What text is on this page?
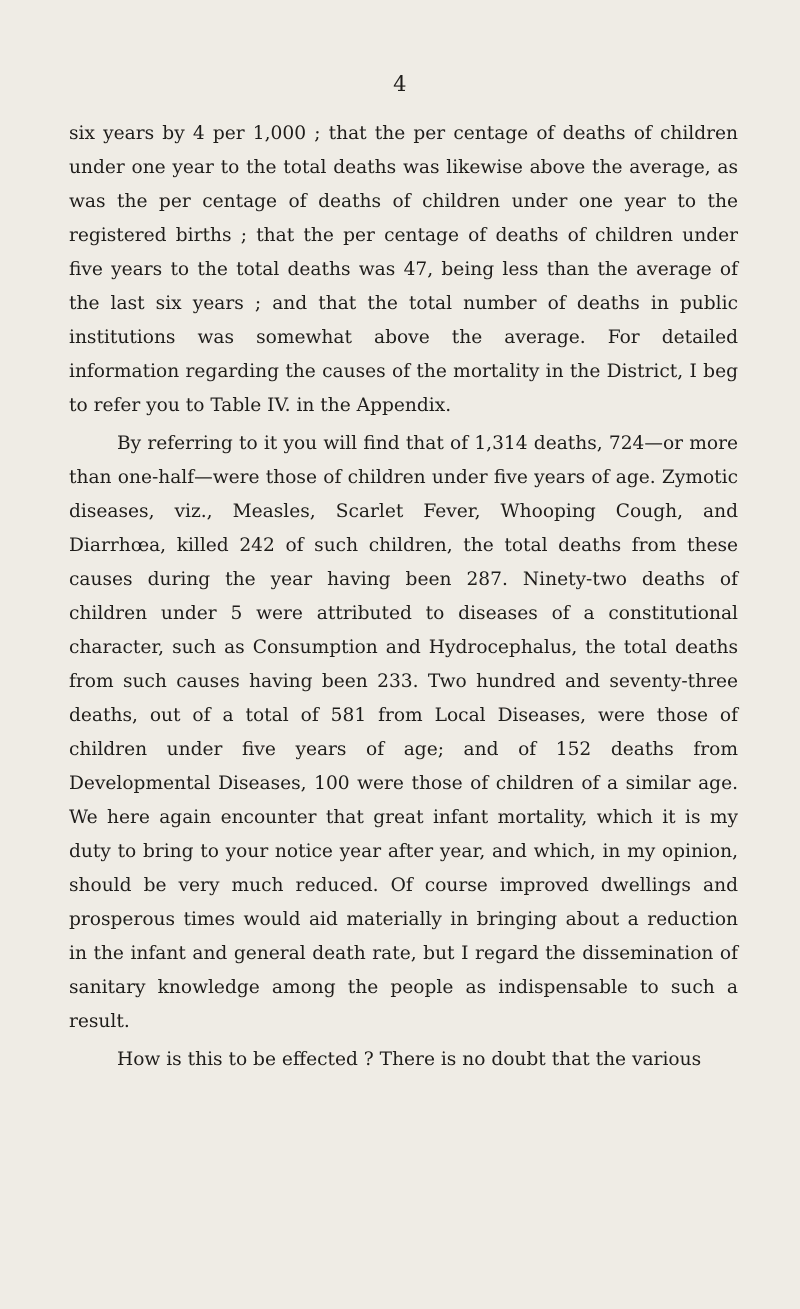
4

six years by 4 per 1,000 ; that the per centage of deaths of children under one year to the total deaths was likewise above the average, as was the per centage of deaths of children under one year to the registered births ; that the per centage of deaths of children under five years to the total deaths was 47, being less than the average of the last six years ; and that the total number of deaths in public institutions was somewhat above the average. For detailed information regarding the causes of the mortality in the District, I beg to refer you to Table IV. in the Appendix.

By referring to it you will find that of 1,314 deaths, 724—or more than one-half—were those of children under five years of age. Zymotic diseases, viz., Measles, Scarlet Fever, Whooping Cough, and Diarrhœa, killed 242 of such children, the total deaths from these causes during the year having been 287. Ninety-two deaths of children under 5 were attributed to diseases of a constitutional character, such as Consumption and Hydrocephalus, the total deaths from such causes having been 233. Two hundred and seventy-three deaths, out of a total of 581 from Local Diseases, were those of children under five years of age; and of 152 deaths from Developmental Diseases, 100 were those of children of a similar age. We here again encounter that great infant mortality, which it is my duty to bring to your notice year after year, and which, in my opinion, should be very much reduced. Of course improved dwellings and prosperous times would aid materially in bringing about a reduction in the infant and general death rate, but I regard the dissemination of sanitary knowledge among the people as indispensable to such a result.

How is this to be effected ? There is no doubt that the various
